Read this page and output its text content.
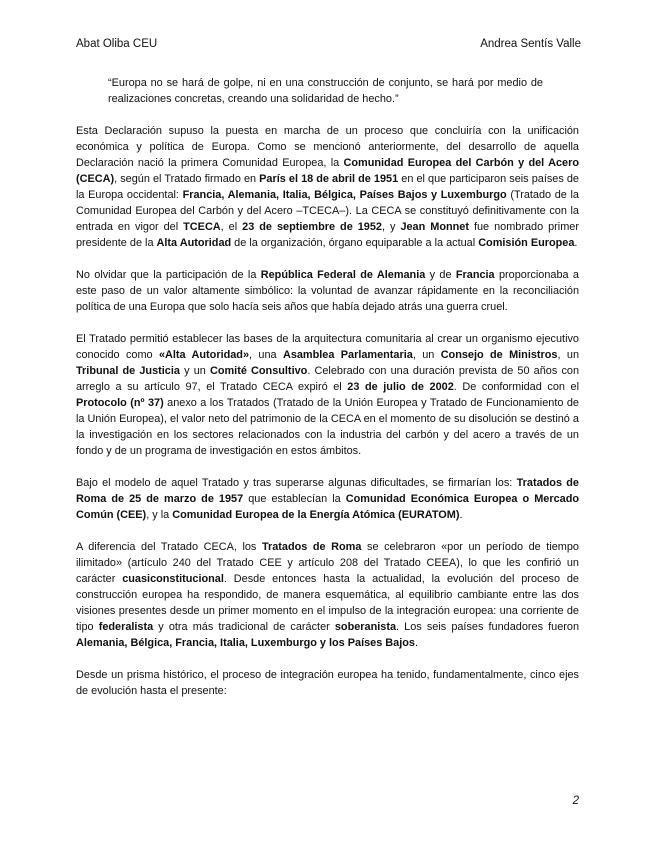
Abat Oliba CEU	Andrea Sentís Valle

“Europa no se hará de golpe, ni en una construcción de conjunto, se hará por medio de realizaciones concretas, creando una solidaridad de hecho.”

Esta Declaración supuso la puesta en marcha de un proceso que concluiría con la unificación económica y política de Europa. Como se mencionó anteriormente, del desarrollo de aquella Declaración nació la primera Comunidad Europea, la Comunidad Europea del Carbón y del Acero (CECA), según el Tratado firmado en París el 18 de abril de 1951 en el que participaron seis países de la Europa occidental: Francia, Alemania, Italia, Bélgica, Países Bajos y Luxemburgo (Tratado de la Comunidad Europea del Carbón y del Acero –TCECA–). La CECA se constituyó definitivamente con la entrada en vigor del TCECA, el 23 de septiembre de 1952, y Jean Monnet fue nombrado primer presidente de la Alta Autoridad de la organización, órgano equiparable a la actual Comisión Europea.

No olvidar que la participación de la República Federal de Alemania y de Francia proporcionaba a este paso de un valor altamente simbólico: la voluntad de avanzar rápidamente en la reconciliación política de una Europa que solo hacía seis años que había dejado atrás una guerra cruel.

El Tratado permitió establecer las bases de la arquitectura comunitaria al crear un organismo ejecutivo conocido como «Alta Autoridad», una Asamblea Parlamentaria, un Consejo de Ministros, un Tribunal de Justicia y un Comité Consultivo. Celebrado con una duración prevista de 50 años con arreglo a su artículo 97, el Tratado CECA expiró el 23 de julio de 2002. De conformidad con el Protocolo (nº 37) anexo a los Tratados (Tratado de la Unión Europea y Tratado de Funcionamiento de la Unión Europea), el valor neto del patrimonio de la CECA en el momento de su disolución se destinó a la investigación en los sectores relacionados con la industria del carbón y del acero a través de un fondo y de un programa de investigación en estos ámbitos.

Bajo el modelo de aquel Tratado y tras superarse algunas dificultades, se firmarían los: Tratados de Roma de 25 de marzo de 1957 que establecían la Comunidad Económica Europea o Mercado Común (CEE), y la Comunidad Europea de la Energía Atómica (EURATOM).

A diferencia del Tratado CECA, los Tratados de Roma se celebraron «por un período de tiempo ilimitado» (artículo 240 del Tratado CEE y artículo 208 del Tratado CEEA), lo que les confirió un carácter cuasiconstitucional. Desde entonces hasta la actualidad, la evolución del proceso de construcción europea ha respondido, de manera esquemática, al equilibrio cambiante entre las dos visiones presentes desde un primer momento en el impulso de la integración europea: una corriente de tipo federalista y otra más tradicional de carácter soberanista. Los seis países fundadores fueron Alemania, Bélgica, Francia, Italia, Luxemburgo y los Países Bajos.

Desde un prisma histórico, el proceso de integración europea ha tenido, fundamentalmente, cinco ejes de evolución hasta el presente:

2
